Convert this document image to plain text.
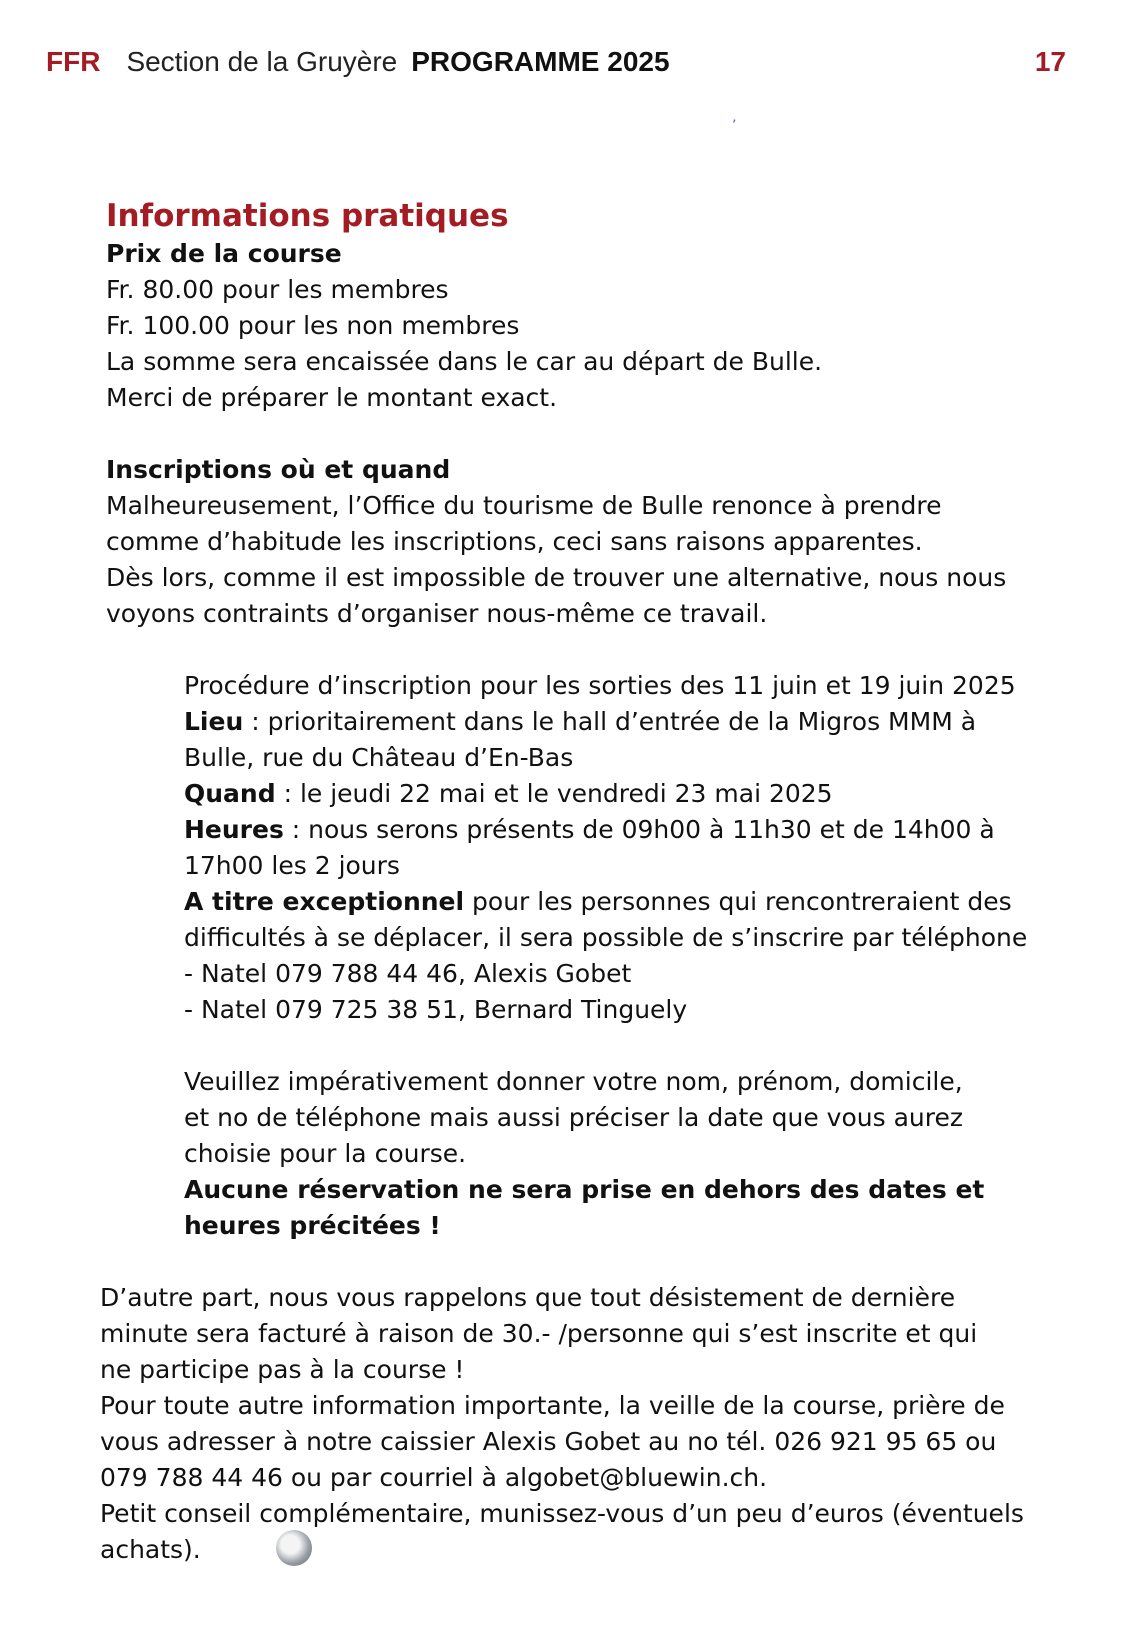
FFR Section de la Gruyère PROGRAMME 2025	17
’
Informations pratiques
Prix de la course

Fr. 80.00 pour les membres

Fr. 100.00 pour les non membres

La somme sera encaissée dans le car au départ de Bulle.

Merci de préparer le montant exact.

Inscriptions où et quand

Malheureusement, l’Office du tourisme de Bulle renonce à prendre

comme d’habitude les inscriptions, ceci sans raisons apparentes.

Dès lors, comme il est impossible de trouver une alternative, nous nous

voyons contraints d’organiser nous-même ce travail.

Procédure d’inscription pour les sorties des 11 juin et 19 juin 2025

Lieu : prioritairement dans le hall d’entrée de la Migros MMM à

Bulle, rue du Château d’En-Bas

Quand : le jeudi 22 mai et le vendredi 23 mai 2025

Heures : nous serons présents de 09h00 à 11h30 et de 14h00 à

17h00 les 2 jours

A titre exceptionnel pour les personnes qui rencontreraient des

difficultés à se déplacer, il sera possible de s’inscrire par téléphone

- Natel 079 788 44 46, Alexis Gobet

- Natel 079 725 38 51, Bernard Tinguely

Veuillez impérativement donner votre nom, prénom, domicile,

et no de téléphone mais aussi préciser la date que vous aurez

choisie pour la course.

Aucune réservation ne sera prise en dehors des dates et

heures précitées !

D’autre part, nous vous rappelons que tout désistement de dernière

minute sera facturé à raison de 30.- /personne qui s’est inscrite et qui

ne participe pas à la course !

Pour toute autre information importante, la veille de la course, prière de

vous adresser à notre caissier Alexis Gobet au no tél. 026 921 95 65 ou

079 788 44 46 ou par courriel à algobet@bluewin.ch.

Petit conseil complémentaire, munissez-vous d’un peu d’euros (éventuels

achats).
